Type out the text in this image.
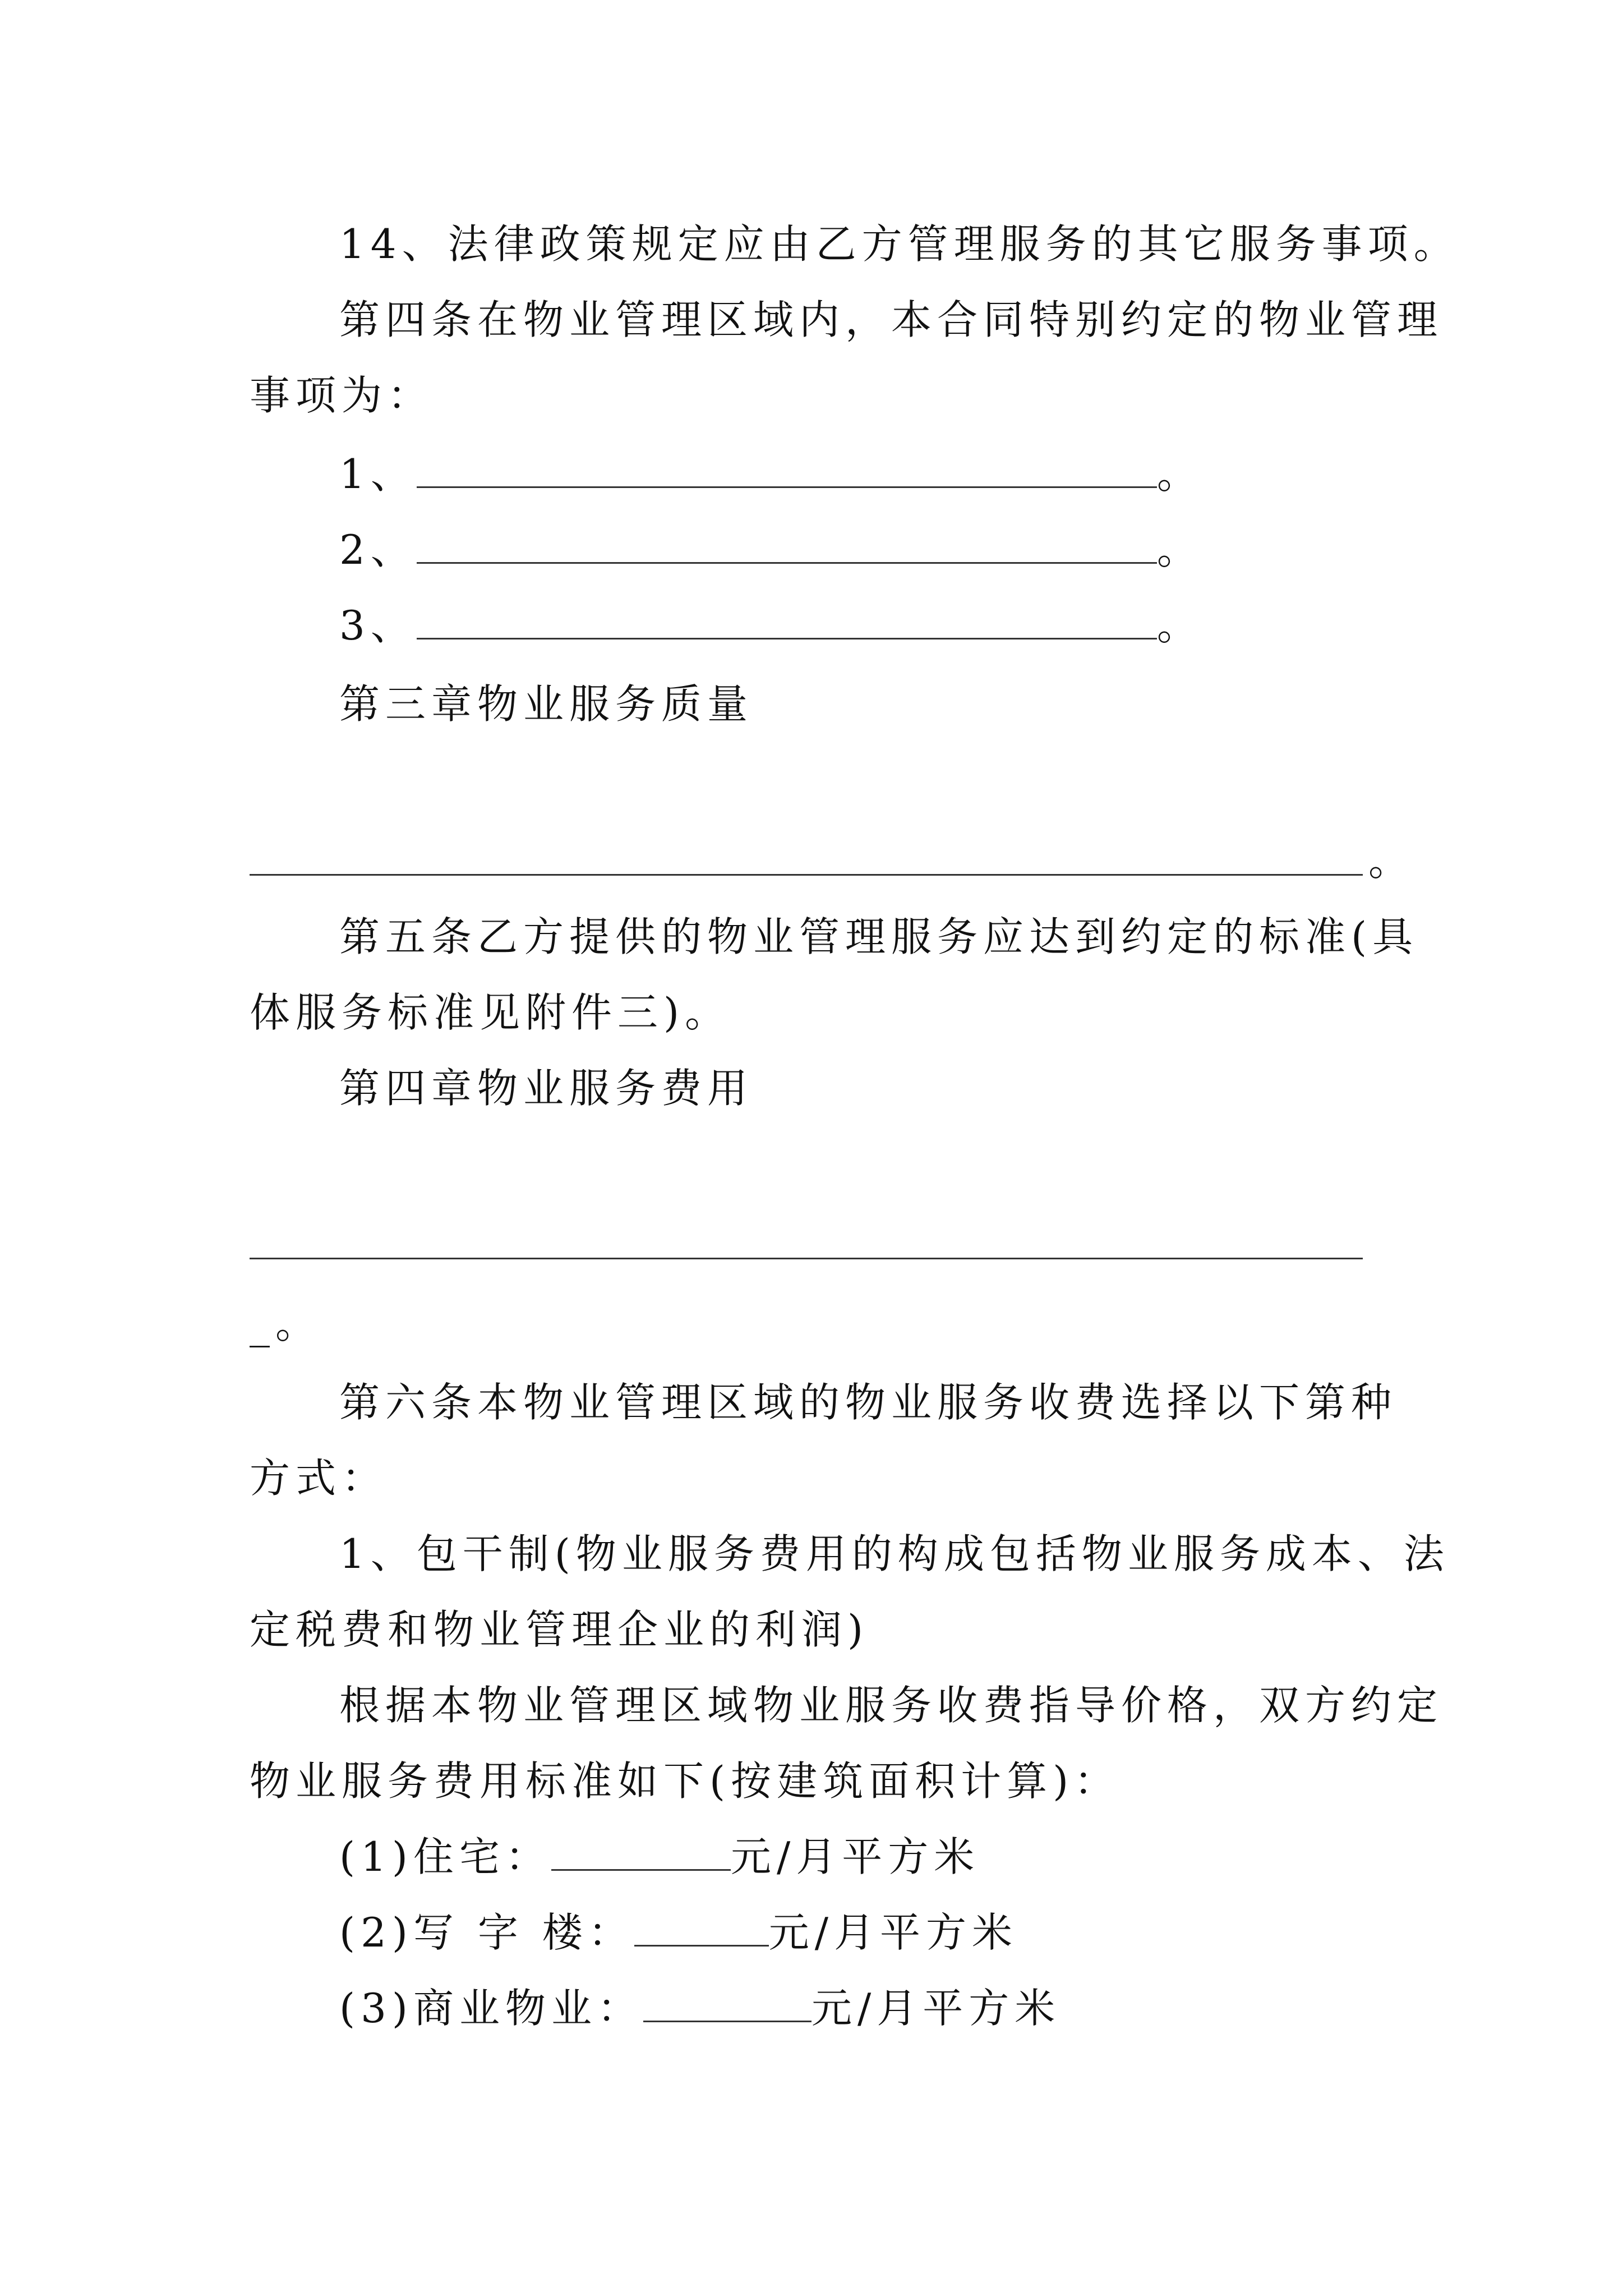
14、法律政策规定应由乙方管理服务的其它服务事项。
第四条在物业管理区域内，本合同特别约定的物业管理
事项为：
1、	。
2、	。
3、	。
第三章物业服务质量
。
第五条乙方提供的物业管理服务应达到约定的标准(具
体服务标准见附件三)。
第四章物业服务费用
_。
第六条本物业管理区域的物业服务收费选择以下第种
方式：
1、包干制(物业服务费用的构成包括物业服务成本、法
定税费和物业管理企业的利润)
根据本物业管理区域物业服务收费指导价格，双方约定
物业服务费用标准如下(按建筑面积计算)：
(1)住宅：	元/月平方米
(2)写 字 楼：	元/月平方米
(3)商业物业：	元/月平方米
